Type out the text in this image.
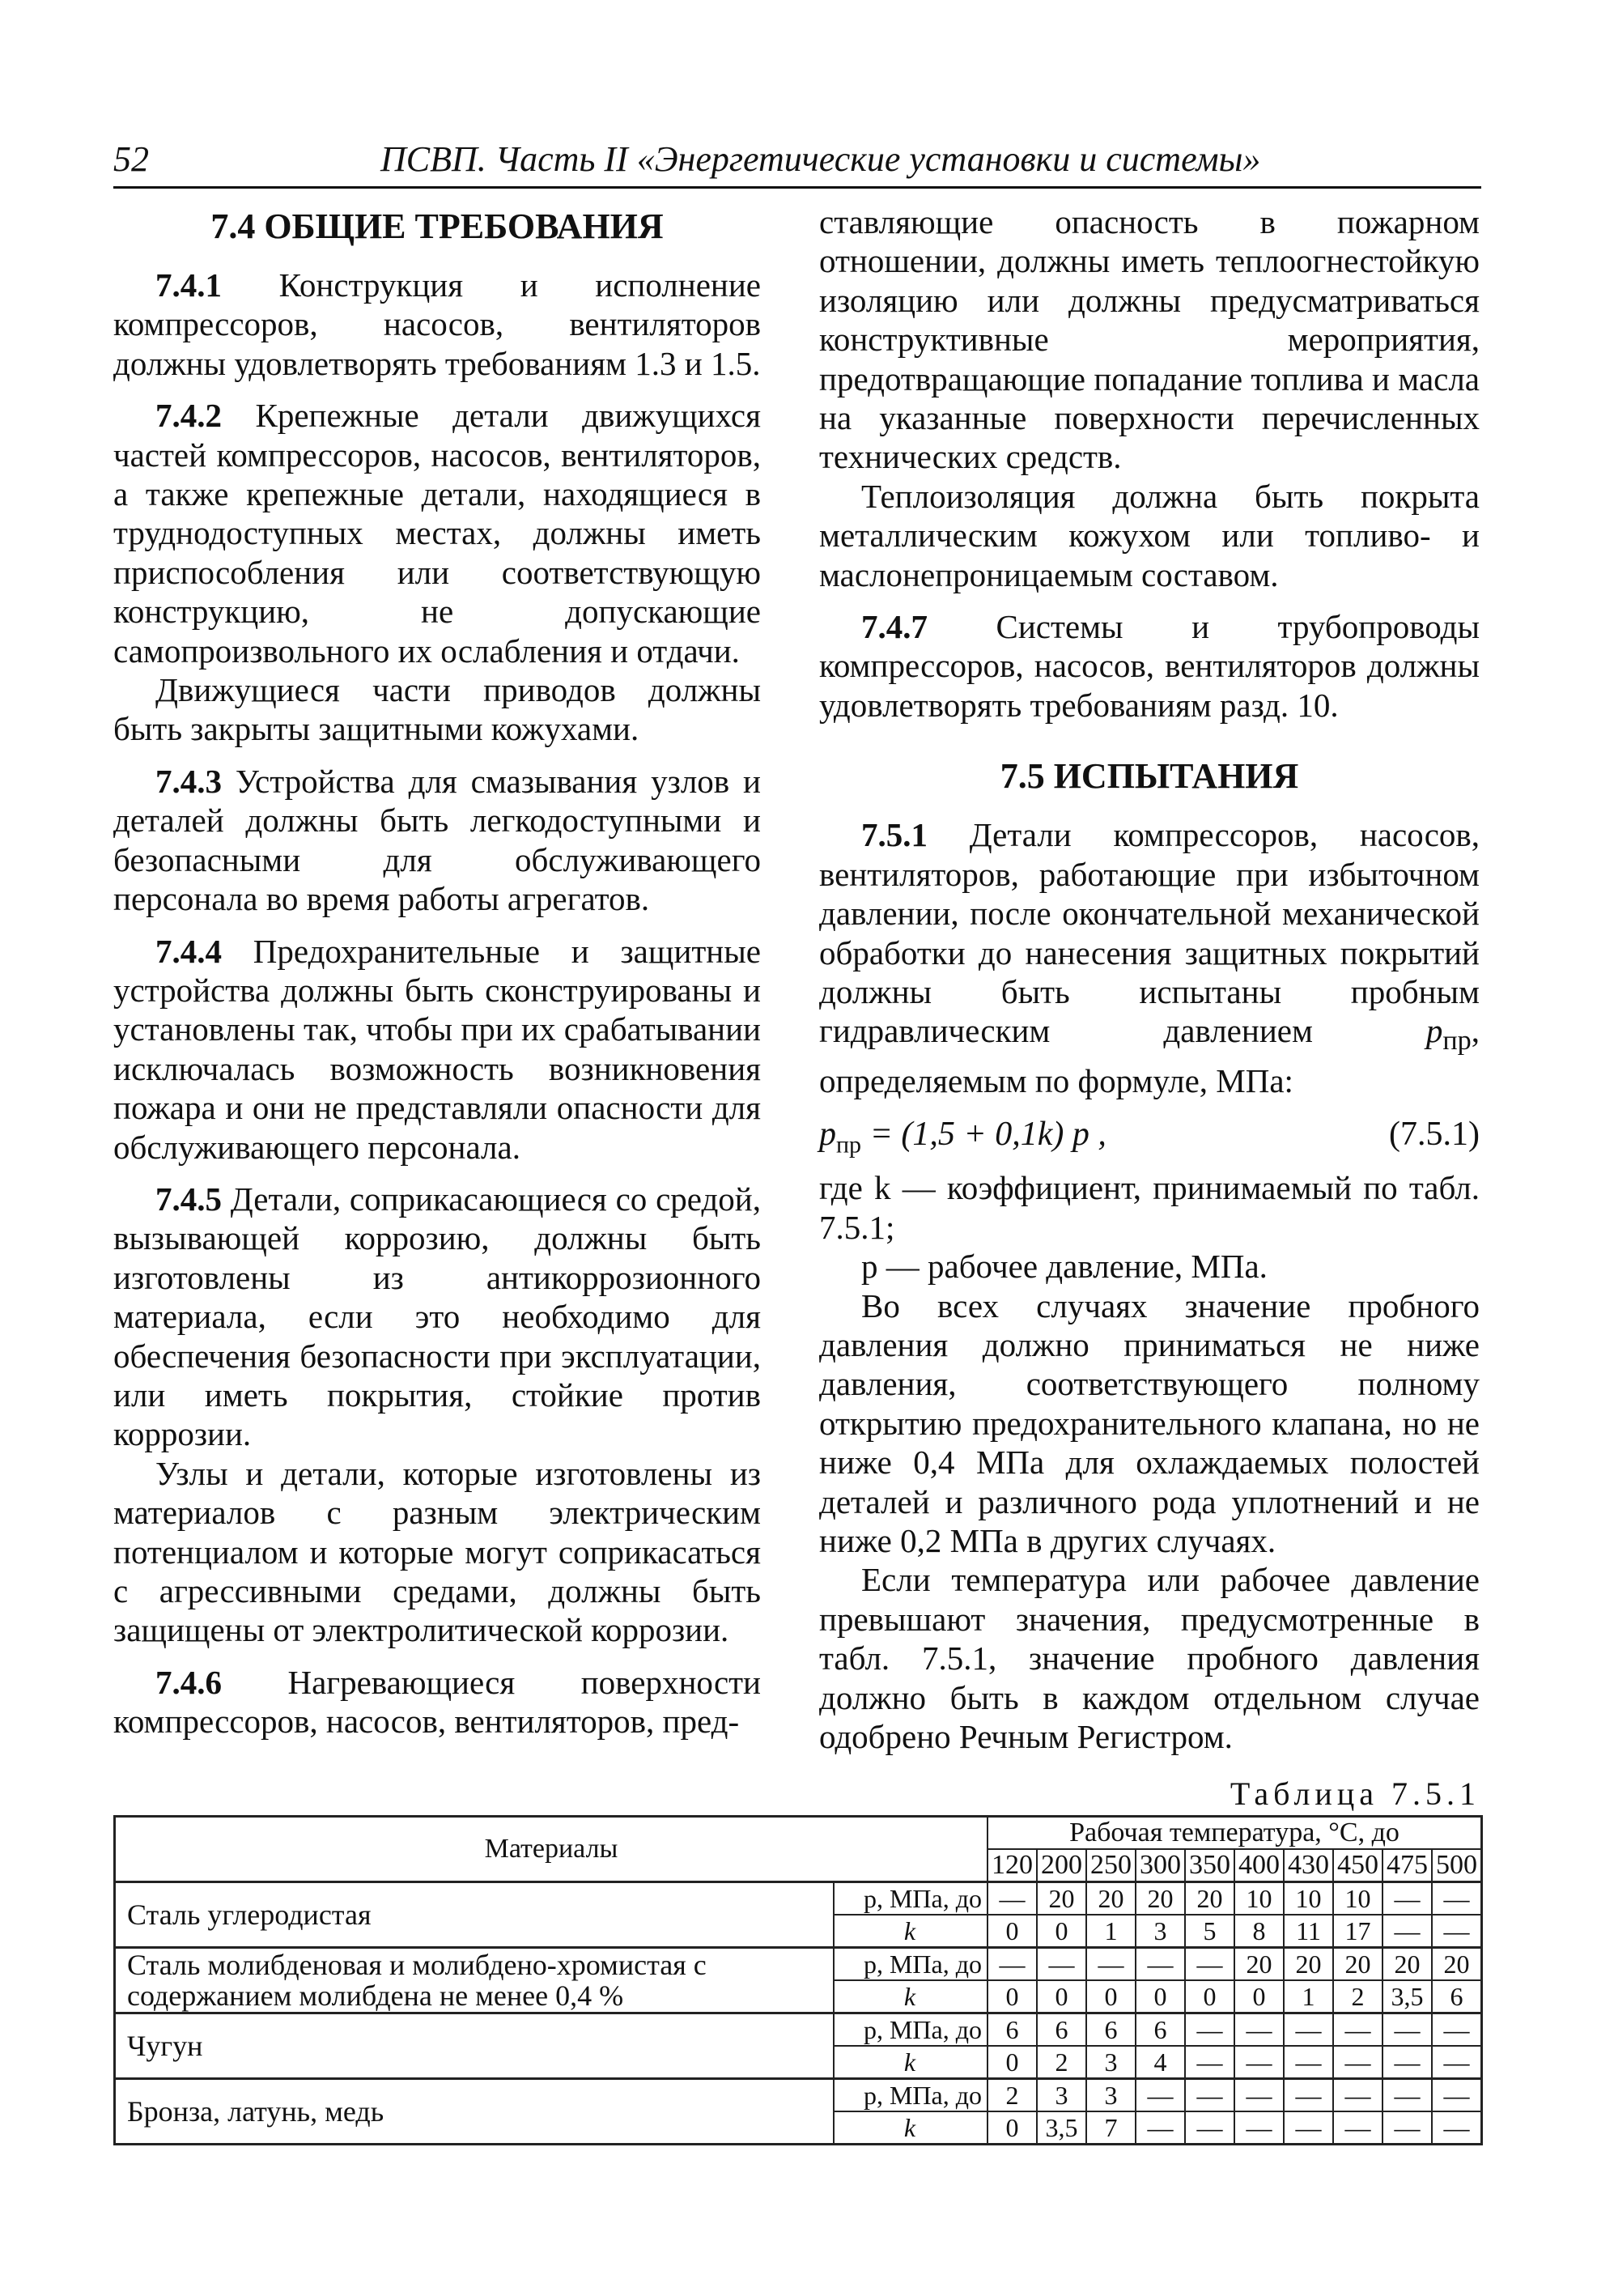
52	ПСВП. Часть II «Энергетические установки и системы»
7.4 ОБЩИЕ ТРЕБОВАНИЯ

7.4.1 Конструкция и исполнение компрессоров, насосов, вентиляторов должны удовлетворять требованиям 1.3 и 1.5.

7.4.2 Крепежные детали движущихся частей компрессоров, насосов, вентиляторов, а также крепежные детали, находящиеся в труднодоступных местах, должны иметь приспособления или соответствующую конструкцию, не допускающие самопроизвольного их ослабления и отдачи.

Движущиеся части приводов должны быть закрыты защитными кожухами.

7.4.3 Устройства для смазывания узлов и деталей должны быть легкодоступными и безопасными для обслуживающего персонала во время работы агрегатов.

7.4.4 Предохранительные и защитные устройства должны быть сконструированы и установлены так, чтобы при их срабатывании исключалась возможность возникновения пожара и они не представляли опасности для обслуживающего персонала.

7.4.5 Детали, соприкасающиеся со средой, вызывающей коррозию, должны быть изготовлены из антикоррозионного материала, если это необходимо для обеспечения безопасности при эксплуатации, или иметь покрытия, стойкие против коррозии.

Узлы и детали, которые изготовлены из материалов с разным электрическим потенциалом и которые могут соприкасаться с агрессивными средами, должны быть защищены от электролитической коррозии.

7.4.6 Нагревающиеся поверхности компрессоров, насосов, вентиляторов, пред-

ставляющие опасность в пожарном отношении, должны иметь теплоогнестойкую изоляцию или должны предусматриваться конструктивные мероприятия, предотвращающие попадание топлива и масла на указанные поверхности перечисленных технических средств.

Теплоизоляция должна быть покрыта металлическим кожухом или топливо- и маслонепроницаемым составом.

7.4.7 Системы и трубопроводы компрессоров, насосов, вентиляторов должны удовлетворять требованиям разд. 10.

7.5 ИСПЫТАНИЯ

7.5.1 Детали компрессоров, насосов, вентиляторов, работающие при избыточном давлении, после окончательной механической обработки до нанесения защитных покрытий должны быть испытаны пробным гидравлическим давлением	$p_{пр}$, определяемым по формуле, МПа:

$p_{пр} = (1,5 + 0,1k)$ p ,	(7.5.1)

где k — коэффициент, принимаемый по табл. 7.5.1;

p — рабочее давление, МПа.

Во всех случаях значение пробного давления должно приниматься не ниже давления, соответствующего полному открытию предохранительного клапана, но не ниже 0,4 МПа для охлаждаемых полостей деталей и различного рода уплотнений и не ниже 0,2 МПа в других случаях.

Если температура или рабочее давление превышают значения, предусмотренные в табл. 7.5.1, значение пробного давления должно быть в каждом отдельном случае одобрено Речным Регистром.

Таблица 7.5.1
Материалы		Рабочая температура, °С, до									
		120	200	250	300	350	400	430	450	475	500
Сталь углеродистая	p, МПа, до	—	20	20	20	20	10	10	10	—	—
	k	0	0	1	3	5	8	11	17	—	—
Сталь молибденовая и молибдено-хромистая с содержанием молибдена не менее 0,4 %	p, МПа, до	—	—	—	—	—	20	20	20	20	20
	k	0	0	0	0	0	0	1	2	3,5	6
Чугун	p, МПа, до	6	6	6	6	—	—	—	—	—	—
	k	0	2	3	4	—	—	—	—	—	—
Бронза, латунь, медь	p, МПа, до	2	3	3	—	—	—	—	—	—	—
	k	0	3,5	7	—	—	—	—	—	—	—
